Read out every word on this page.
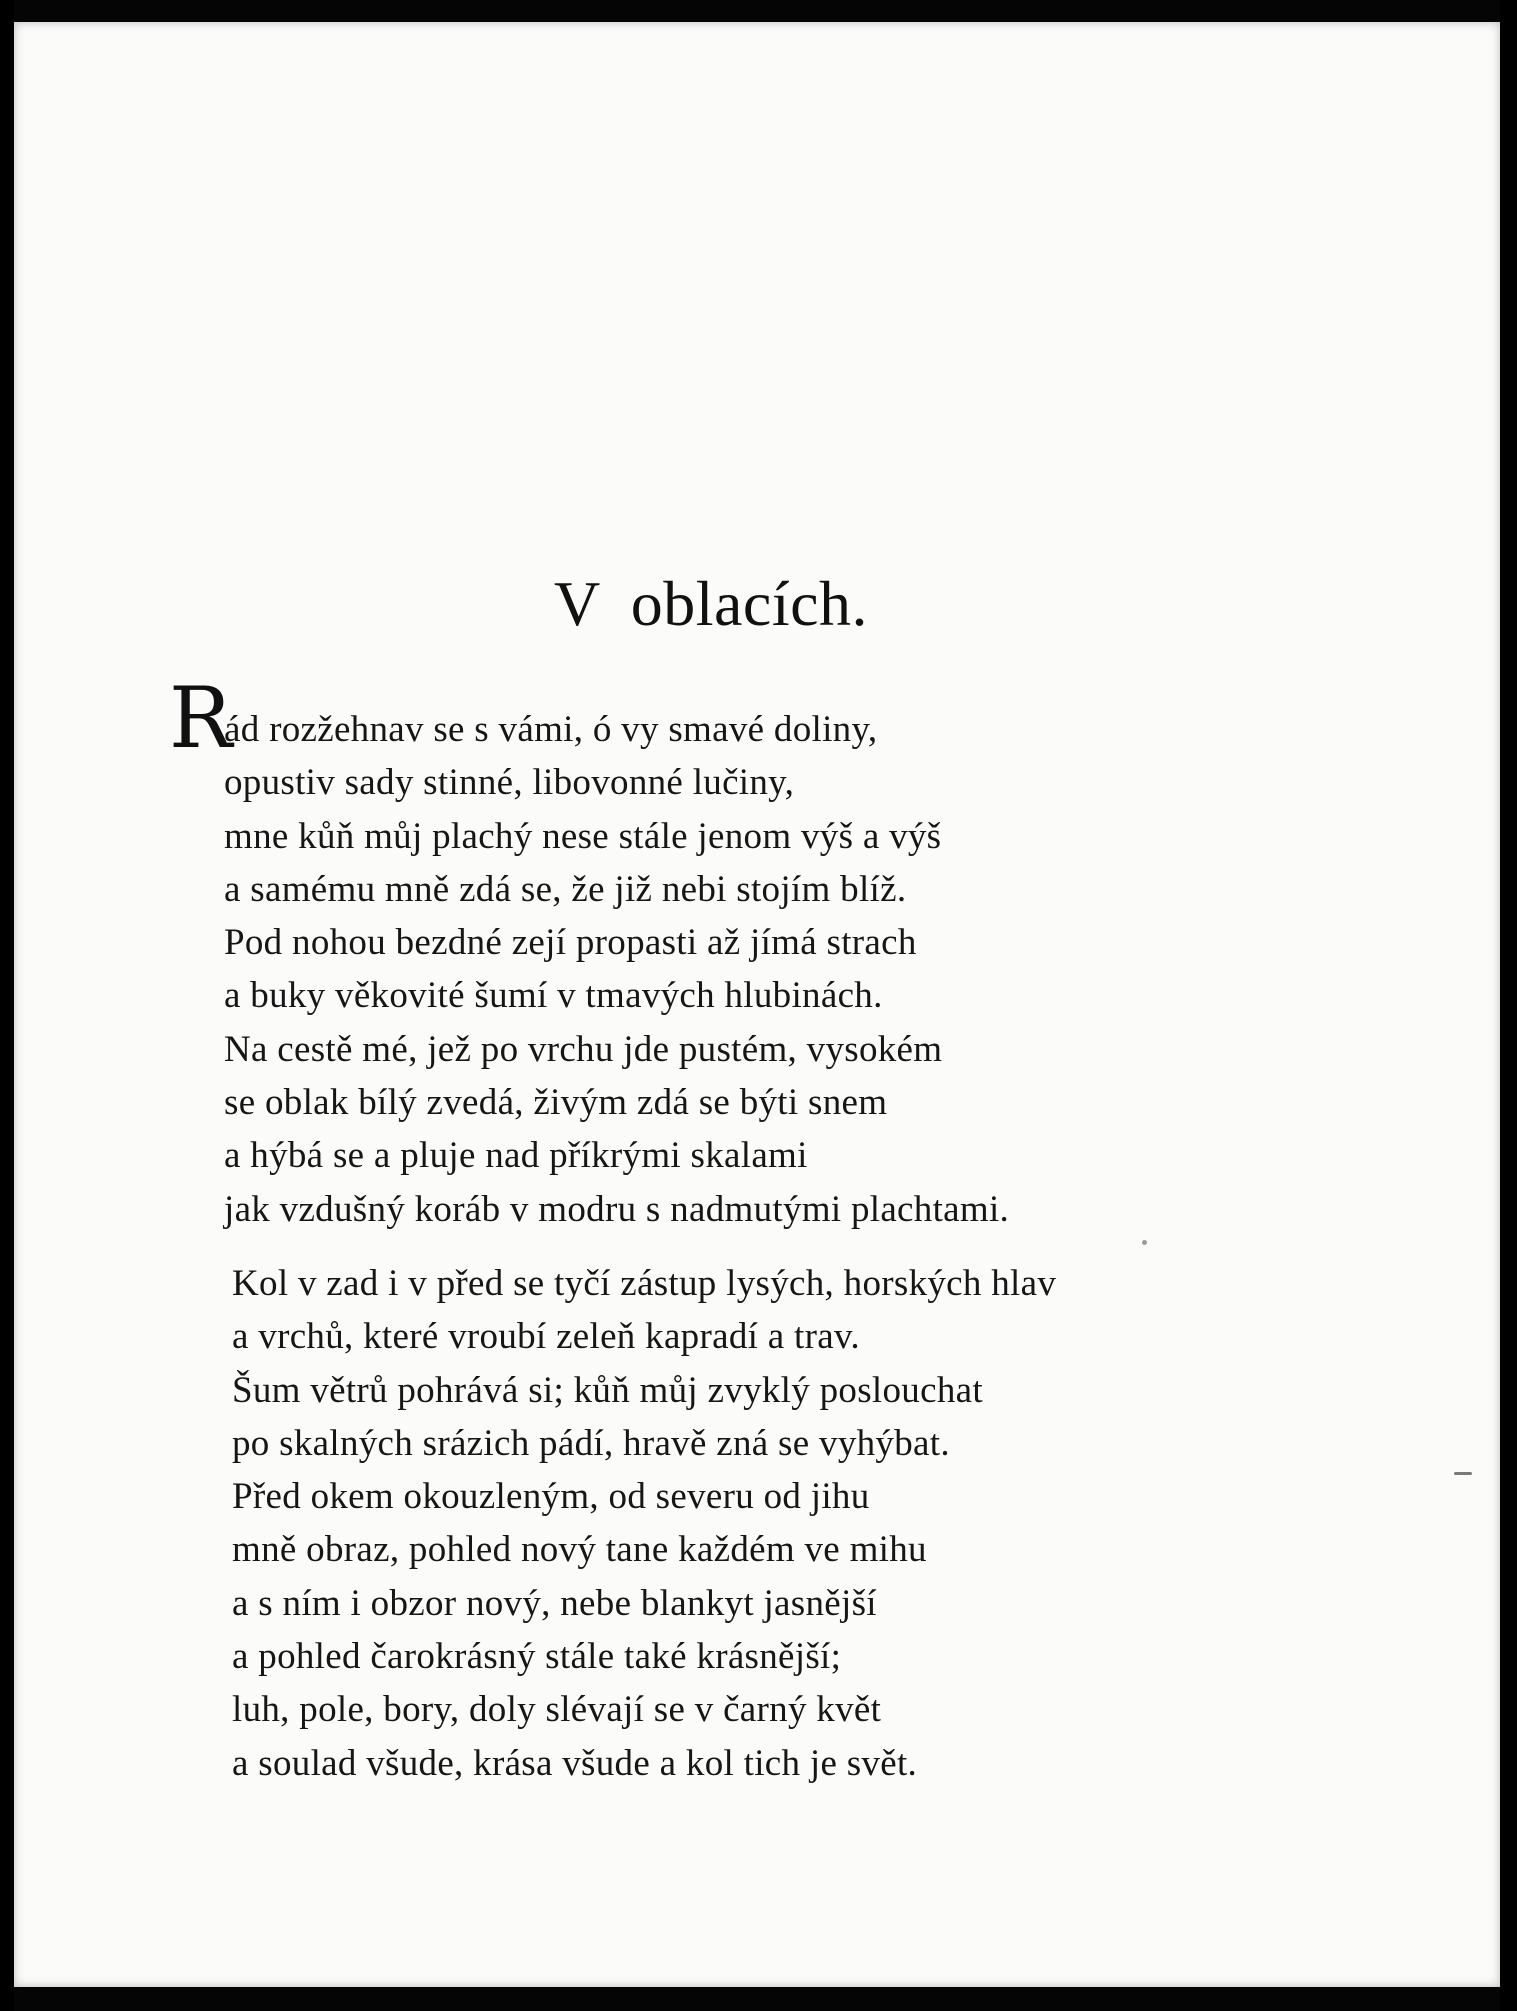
V oblacích.
R
ád rozžehnav se s vámi, ó vy smavé doliny,
opustiv sady stinné, libovonné lučiny,
mne kůň můj plachý nese stále jenom výš a výš
a samému mně zdá se, že již nebi stojím blíž.
Pod nohou bezdné zejí propasti až jímá strach
a buky věkovité šumí v tmavých hlubinách.
Na cestě mé, jež po vrchu jde pustém, vysokém
se oblak bílý zvedá, živým zdá se býti snem
a hýbá se a pluje nad příkrými skalami
jak vzdušný koráb v modru s nadmutými plachtami.
Kol v zad i v před se tyčí zástup lysých, horských hlav
a vrchů, které vroubí zeleň kapradí a trav.
Šum větrů pohrává si; kůň můj zvyklý poslouchat
po skalných srázich pádí, hravě zná se vyhýbat.
Před okem okouzleným, od severu od jihu
mně obraz, pohled nový tane každém ve mihu
a s ním i obzor nový, nebe blankyt jasnější
a pohled čarokrásný stále také krásnější;
luh, pole, bory, doly slévají se v čarný květ
a soulad všude, krása všude a kol tich je svět.
